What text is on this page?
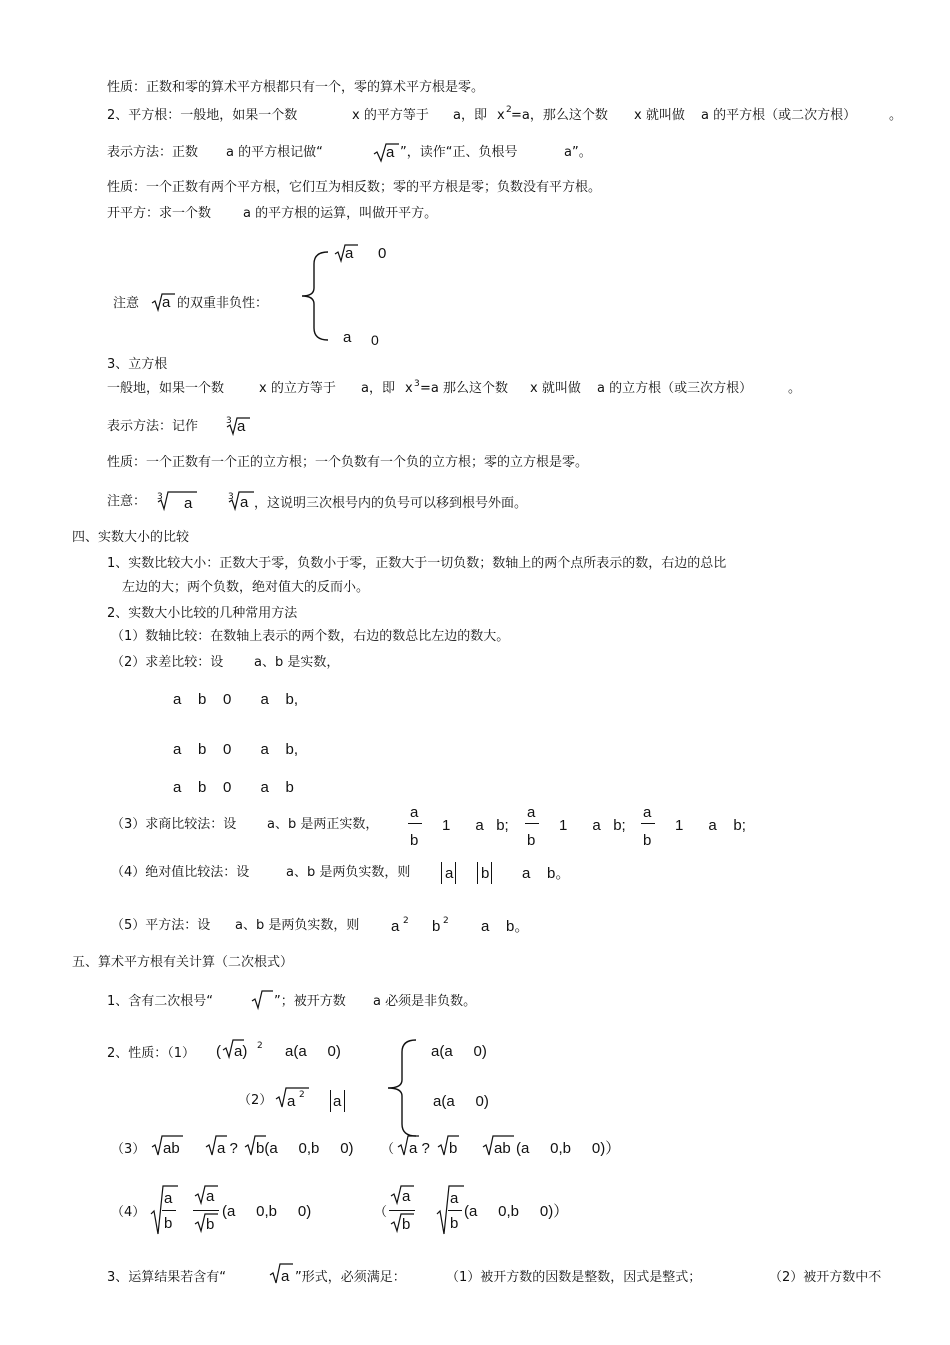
性质：正数和零的算术平方根都只有一个，零的算术平方根是零。
2、平方根：一般地，如果一个数	x 的平方等于 a，即 x 2 =a，那么这个数 x 就叫做 a 的平方根（或二次方根）	。
表示方法：正数 a 的平方根记做“	a ”，读作“正、负根号	a”。
性质：一个正数有两个平方根，它们互为相反数；零的平方根是零；负数没有平方根。
开平方：求一个数 a 的平方根的运算，叫做开平方。
a 0
注意 a 的双重非负性：
a 0
3、立方根
一般地，如果一个数	x 的立方等于 a，即 x 3 =a 那么这个数 x 就叫做 a 的立方根（或三次方根）	。
表示方法：记作	3 a
性质：一个正数有一个正的立方根；一个负数有一个负的立方根；零的立方根是零。
注意： 3 a	3 a ，这说明三次根号内的负号可以移到根号外面。
四、实数大小的比较
1、实数比较大小：正数大于零，负数小于零，正数大于一切负数；数轴上的两个点所表示的数，右边的总比
左边的大；两个负数，绝对值大的反而小。
2、实数大小比较的几种常用方法
（1）数轴比较：在数轴上表示的两个数，右边的数总比左边的数大。
（2）求差比较：设 a、b 是实数，
a    b    0       a    b,
a    b    0       a    b,
a    b    0       a    b
（3）求商比较法：设 a、b 是两正实数，
a
b
1      a   b;
a
b
1      a   b;
a
b
1      a    b;
（4）绝对值比较法：设	a、b 是两负实数，则 a b a    b。
（5）平方法：设 a、b 是两负实数，则 a 2 b 2 a    b。
五、算术平方根有关计算（二次根式）
1、含有二次根号“	”；被开方数 a 必须是非负数。
2、性质：（1） ( a) 2 a(a     0)	a(a     0)
（2） a 2 a	a(a     0)
（3） ab a ? b(a     0,b     0) （ a ? b ab (a     0,b     0)）
（4）
a
b
a
b
(a     0,b     0)	（
a
b
a
b
(a     0,b     0)）
3、运算结果若含有“	a ”形式，必须满足：	（1）被开方数的因数是整数，因式是整式；	（2）被开方数中不
